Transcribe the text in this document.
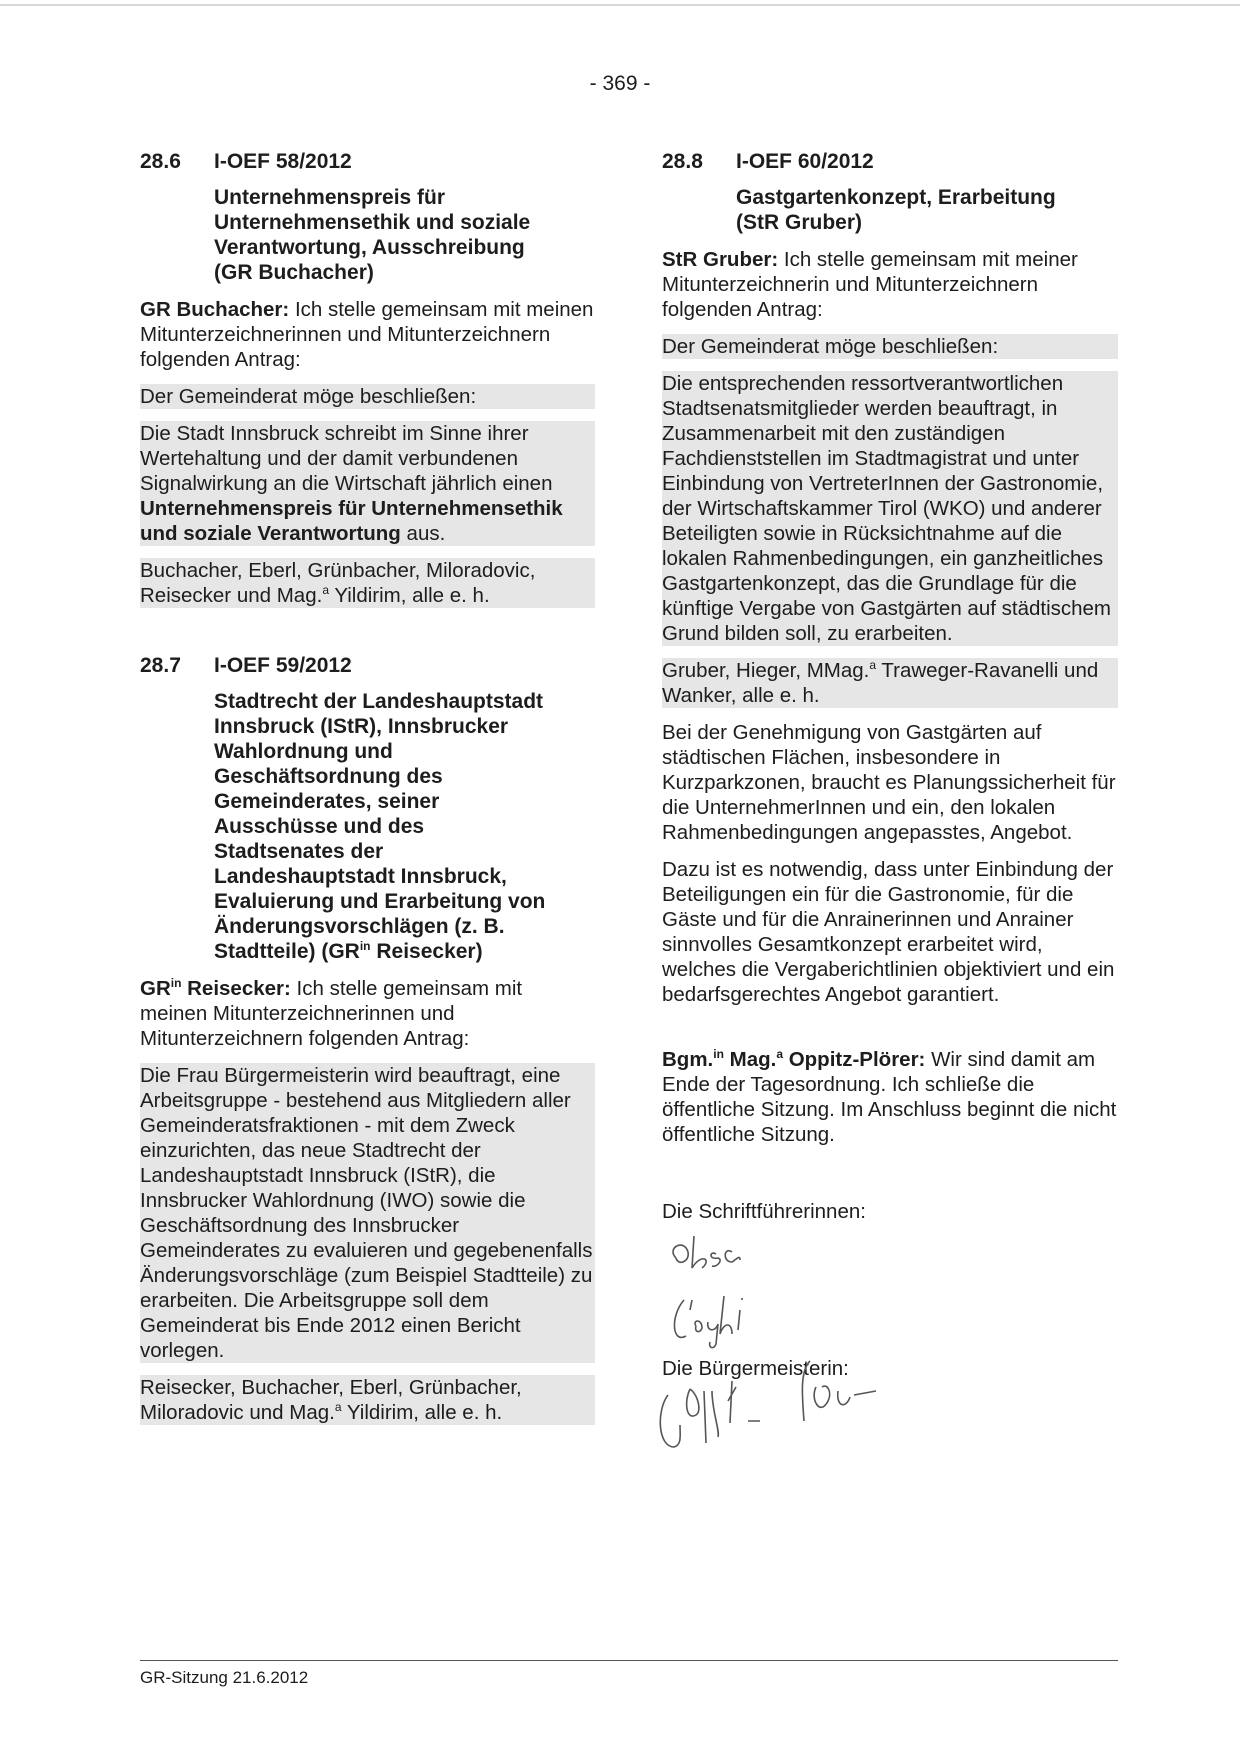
- 369 -
28.6	I-OEF 58/2012
Unternehmenspreis für Unternehmensethik und soziale Verantwortung, Ausschreibung (GR Buchacher)

GR Buchacher: Ich stelle gemeinsam mit meinen Mitunterzeichnerinnen und Mitunterzeichnern folgenden Antrag:

Der Gemeinderat möge beschließen:

Die Stadt Innsbruck schreibt im Sinne ihrer Wertehaltung und der damit verbundenen Signalwirkung an die Wirtschaft jährlich einen Unternehmenspreis für Unternehmensethik und soziale Verantwortung aus.

Buchacher, Eberl, Grünbacher, Miloradovic, Reisecker und Mag.$^a$ Yildirim, alle e. h.

28.7	I-OEF 59/2012
Stadtrecht der Landeshauptstadt Innsbruck (IStR), Innsbrucker Wahlordnung und Geschäftsordnung des Gemeinderates, seiner Ausschüsse und des Stadtsenates der Landeshauptstadt Innsbruck, Evaluierung und Erarbeitung von Änderungsvorschlägen (z. B. Stadtteile) ($GR^{in}$ Reisecker)

$GR^{in}$ Reisecker: Ich stelle gemeinsam mit meinen Mitunterzeichnerinnen und Mitunterzeichnern folgenden Antrag:

Die Frau Bürgermeisterin wird beauftragt, eine Arbeitsgruppe - bestehend aus Mitgliedern aller Gemeinderatsfraktionen - mit dem Zweck einzurichten, das neue Stadtrecht der Landeshauptstadt Innsbruck (IStR), die Innsbrucker Wahlordnung (IWO) sowie die Geschäftsordnung des Innsbrucker Gemeinderates zu evaluieren und gegebenenfalls Änderungsvorschläge (zum Beispiel Stadtteile) zu erarbeiten. Die Arbeitsgruppe soll dem Gemeinderat bis Ende 2012 einen Bericht vorlegen.

Reisecker, Buchacher, Eberl, Grünbacher, Miloradovic und Mag.$^a$ Yildirim, alle e. h.

28.8	I-OEF 60/2012
Gastgartenkonzept, Erarbeitung (StR Gruber)

StR Gruber: Ich stelle gemeinsam mit meiner Mitunterzeichnerin und Mitunterzeichnern folgenden Antrag:

Der Gemeinderat möge beschließen:

Die entsprechenden ressortverantwortlichen Stadtsenatsmitglieder werden beauftragt, in Zusammenarbeit mit den zuständigen Fachdienststellen im Stadtmagistrat und unter Einbindung von VertreterInnen der Gastronomie, der Wirtschaftskammer Tirol (WKO) und anderer Beteiligten sowie in Rücksichtnahme auf die lokalen Rahmenbedingungen, ein ganzheitliches Gastgartenkonzept, das die Grundlage für die künftige Vergabe von Gastgärten auf städtischem Grund bilden soll, zu erarbeiten.

Gruber, Hieger, MMag.$^a$ Traweger-Ravanelli und Wanker, alle e. h.

Bei der Genehmigung von Gastgärten auf städtischen Flächen, insbesondere in Kurzparkzonen, braucht es Planungssicherheit für die UnternehmerInnen und ein, den lokalen Rahmenbedingungen angepasstes, Angebot.

Dazu ist es notwendig, dass unter Einbindung der Beteiligungen ein für die Gastronomie, für die Gäste und für die Anrainerinnen und Anrainer sinnvolles Gesamtkonzept erarbeitet wird, welches die Vergaberichtlinien objektiviert und ein bedarfsgerechtes Angebot garantiert.

Bgm.$^{in}$ Mag.$^a$ Oppitz-Plörer: Wir sind damit am Ende der Tagesordnung. Ich schließe die öffentliche Sitzung. Im Anschluss beginnt die nicht öffentliche Sitzung.

Die Schriftführerinnen:

Die Bürgermeisterin:

GR-Sitzung 21.6.2012
